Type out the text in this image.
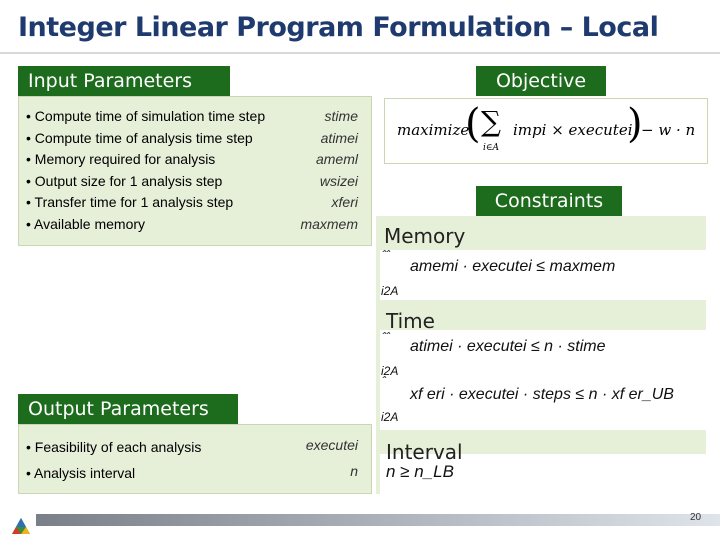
Integer Linear Program Formulation – Local
Input Parameters
• Compute time of simulation time step
• Compute time of analysis time step
• Memory required for analysis
• Output size for 1 analysis step
• Transfer time for 1 analysis step
• Available memory
stime
atimei
ameml
wsizei
xferi
maxmem
Output Parameters
• Feasibility of each analysis
• Analysis interval
executei
n
Objective
maximize
( ∑
i∈A
impi × executei
)
− w · n
Constraints
Memory
ˆˆ
amemi · executei ≤ maxmem
i2A
Time
ˆˆ
atimei · executei ≤ n · stime
i2A
ˆ
xf eri · executei · steps ≤ n · xf er_UB
i2A
Interval
n ≥ n_LB
20
